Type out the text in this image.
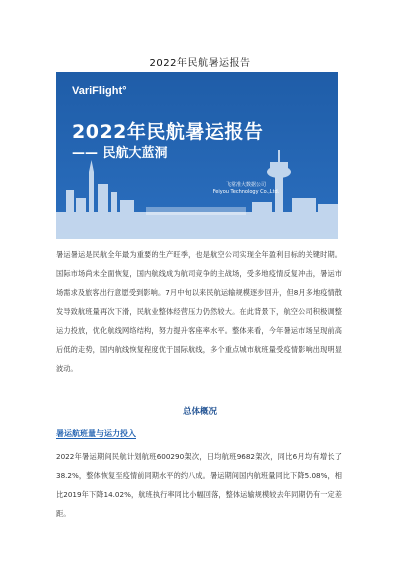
2022年民航暑运报告
VariFlight°
2022年民航暑运报告
—— 民航大蓝洞
飞常准大数据公司
Feiyou Technology Co.,Ltd.
暑运暑运是民航全年最为重要的生产旺季，也是航空公司实现全年盈利目标的关键时期。国际市场尚未全面恢复，国内航线成为航司竞争的主战场，受多地疫情反复冲击，暑运市场需求及旅客出行意愿受到影响。7月中旬以来民航运输规模逐步回升，但8月多地疫情散发导致航班量再次下滑，民航业整体经营压力仍然较大。在此背景下，航空公司积极调整运力投放，优化航线网络结构，努力提升客座率水平。整体来看，今年暑运市场呈现前高后低的走势，国内航线恢复程度优于国际航线，多个重点城市航班量受疫情影响出现明显波动。
总体概况
暑运航班量与运力投入
2022年暑运期间民航计划航班600290架次，日均航班9682架次，同比6月均有增长了38.2%，整体恢复至疫情前同期水平的约八成。暑运期间国内航班量同比下降5.08%，相比2019年下降14.02%，航班执行率同比小幅回落，整体运输规模较去年同期仍有一定差距。
